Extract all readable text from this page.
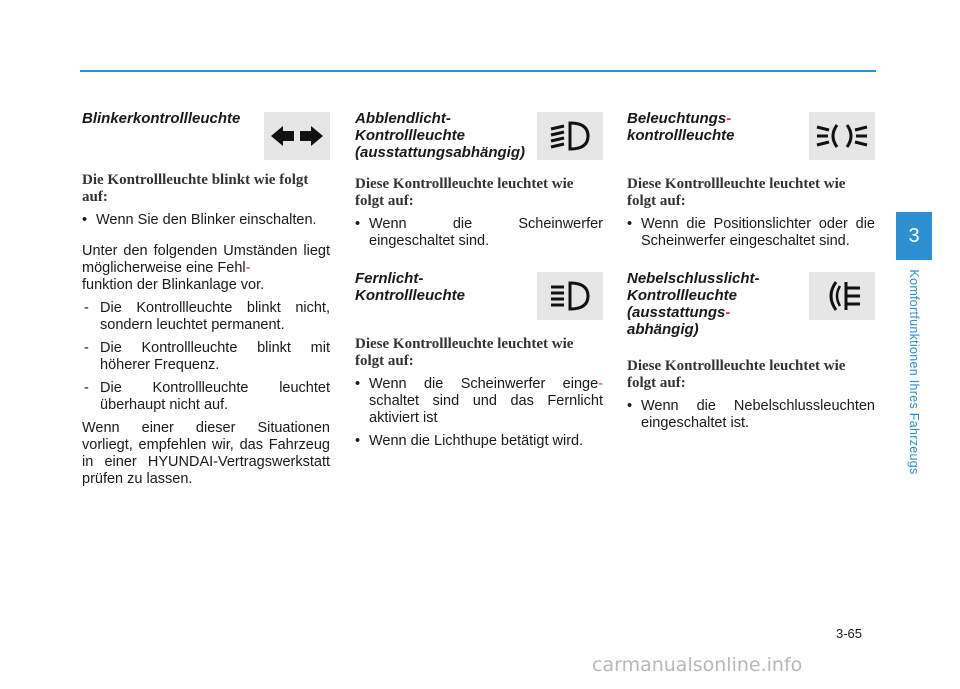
Blinkerkontrollleuchte

Die Kontrollleuchte blinkt wie folgt auf:

• Wenn Sie den Blinker einschalten.
Unter den folgenden Umständen liegt möglicherweise eine Fehl-
funktion der Blinkanlage vor.
- Die Kontrollleuchte blinkt nicht, sondern leuchtet permanent.
- Die Kontrollleuchte blinkt mit höherer Frequenz.
- Die Kontrollleuchte leuchtet überhaupt nicht auf.
Wenn einer dieser Situationen vorliegt, empfehlen wir, das Fahrzeug in einer HYUNDAI-Vertragswerkstatt prüfen zu lassen.
Abblendlicht-
Kontrollleuchte
(ausstattungsabhängig)

Diese Kontrollleuchte leuchtet wie folgt auf:

• Wenn die Scheinwerfer eingeschaltet sind.
Fernlicht-
Kontrollleuchte

Diese Kontrollleuchte leuchtet wie folgt auf:

• Wenn die Scheinwerfer einge- schaltet sind und das Fernlicht aktiviert ist
• Wenn die Lichthupe betätigt wird.
Beleuchtungs-
kontrollleuchte

Diese Kontrollleuchte leuchtet wie folgt auf:

• Wenn die Positionslichter oder die Scheinwerfer eingeschaltet sind.
Nebelschlusslicht-
Kontrollleuchte
(ausstattungs-
abhängig)

Diese Kontrollleuchte leuchtet wie folgt auf:

• Wenn die Nebelschlussleuchten eingeschaltet ist.
3
Komfortfunktionen Ihres Fahrzeugs
3-65
carmanualsonline.info
